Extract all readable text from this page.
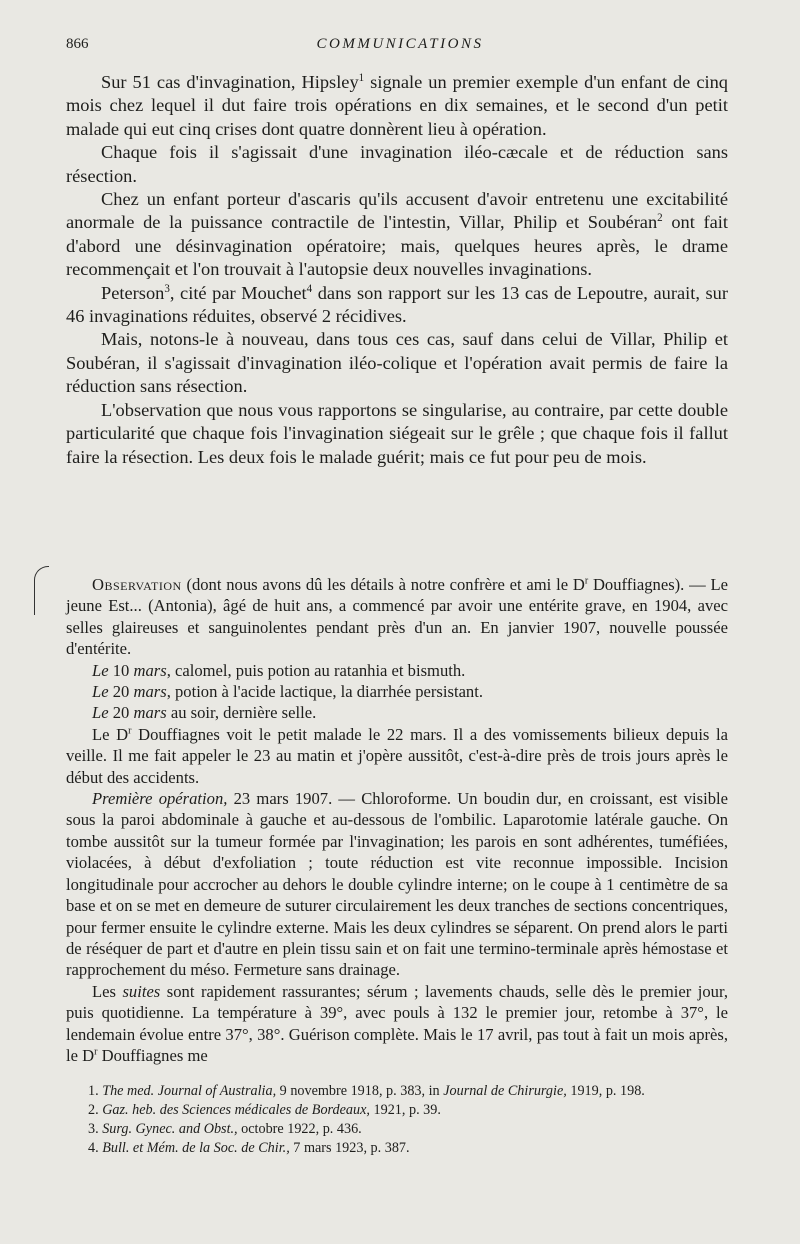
866	COMMUNICATIONS

Sur 51 cas d'invagination, Hipsley$^1$ signale un premier exemple d'un enfant de cinq mois chez lequel il dut faire trois opérations en dix semaines, et le second d'un petit malade qui eut cinq crises dont quatre donnèrent lieu à opération.

Chaque fois il s'agissait d'une invagination iléo-cæcale et de réduction sans résection.

Chez un enfant porteur d'ascaris qu'ils accusent d'avoir entretenu une excitabilité anormale de la puissance contractile de l'intestin, Villar, Philip et Soubéran$^2$ ont fait d'abord une désinvagination opératoire; mais, quelques heures après, le drame recommençait et l'on trouvait à l'autopsie deux nouvelles invaginations.

Peterson$^3$, cité par Mouchet$^4$ dans son rapport sur les 13 cas de Lepoutre, aurait, sur 46 invaginations réduites, observé 2 récidives.

Mais, notons-le à nouveau, dans tous ces cas, sauf dans celui de Villar, Philip et Soubéran, il s'agissait d'invagination iléo-colique et l'opération avait permis de faire la réduction sans résection.

L'observation que nous vous rapportons se singularise, au contraire, par cette double particularité que chaque fois l'invagination siégeait sur le grêle ; que chaque fois il fallut faire la résection. Les deux fois le malade guérit; mais ce fut pour peu de mois.

Observation (dont nous avons dû les détails à notre confrère et ami le $D^r$ Douffiagnes). — Le jeune Est... (Antonia), âgé de huit ans, a commencé par avoir une entérite grave, en 1904, avec selles glaireuses et sanguinolentes pendant près d'un an. En janvier 1907, nouvelle poussée d'entérite.

Le 10 mars, calomel, puis potion au ratanhia et bismuth.

Le 20 mars, potion à l'acide lactique, la diarrhée persistant.

Le 20 mars au soir, dernière selle.

Le $D^r$ Douffiagnes voit le petit malade le 22 mars. Il a des vomissements bilieux depuis la veille. Il me fait appeler le 23 au matin et j'opère aussitôt, c'est-à-dire près de trois jours après le début des accidents.

Première opération, 23 mars 1907. — Chloroforme. Un boudin dur, en croissant, est visible sous la paroi abdominale à gauche et au-dessous de l'ombilic. Laparotomie latérale gauche. On tombe aussitôt sur la tumeur formée par l'invagination; les parois en sont adhérentes, tuméfiées, violacées, à début d'exfoliation ; toute réduction est vite reconnue impossible. Incision longitudinale pour accrocher au dehors le double cylindre interne; on le coupe à 1 centimètre de sa base et on se met en demeure de suturer circulairement les deux tranches de sections concentriques, pour fermer ensuite le cylindre externe. Mais les deux cylindres se séparent. On prend alors le parti de réséquer de part et d'autre en plein tissu sain et on fait une termino-terminale après hémostase et rapprochement du méso. Fermeture sans drainage.

Les suites sont rapidement rassurantes; sérum ; lavements chauds, selle dès le premier jour, puis quotidienne. La température à 39°, avec pouls à 132 le premier jour, retombe à 37°, le lendemain évolue entre 37°, 38°. Guérison complète. Mais le 17 avril, pas tout à fait un mois après, le $D^r$ Douffiagnes me

1. The med. Journal of Australia, 9 novembre 1918, p. 383, in Journal de Chirurgie, 1919, p. 198.

2. Gaz. heb. des Sciences médicales de Bordeaux, 1921, p. 39.

3. Surg. Gynec. and Obst., octobre 1922, p. 436.

4. Bull. et Mém. de la Soc. de Chir., 7 mars 1923, p. 387.
